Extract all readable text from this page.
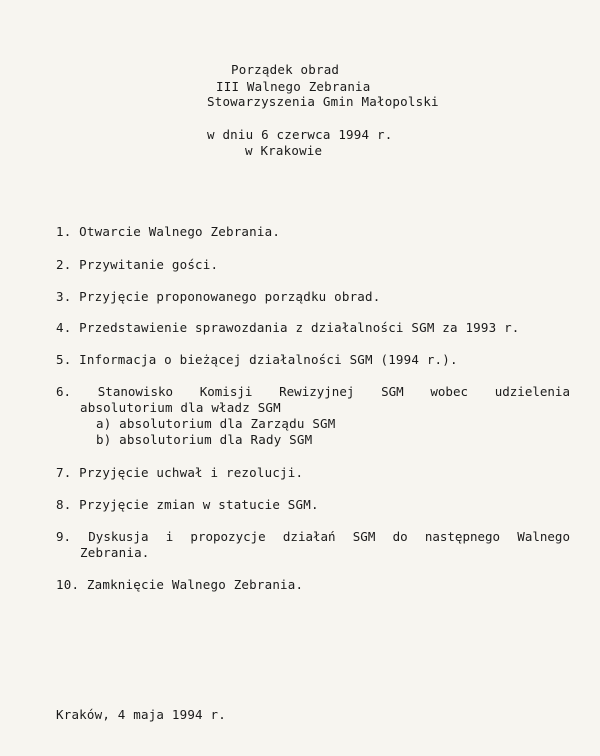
Porządek obrad
III Walnego Zebrania
Stowarzyszenia Gmin Małopolski
w dniu 6 czerwca 1994 r.
w Krakowie
1. Otwarcie Walnego Zebrania.
2. Przywitanie gości.
3. Przyjęcie proponowanego porządku obrad.
4. Przedstawienie sprawozdania z działalności SGM za 1993 r.
5. Informacja o bieżącej działalności SGM (1994 r.).
6. Stanowisko Komisji Rewizyjnej SGM wobec udzielenia
absolutorium dla władz SGM
a) absolutorium dla Zarządu SGM
b) absolutorium dla Rady SGM
7. Przyjęcie uchwał i rezolucji.
8. Przyjęcie zmian w statucie SGM.
9. Dyskusja i propozycje działań SGM do następnego Walnego
Zebrania.
10. Zamknięcie Walnego Zebrania.
Kraków, 4 maja 1994 r.
